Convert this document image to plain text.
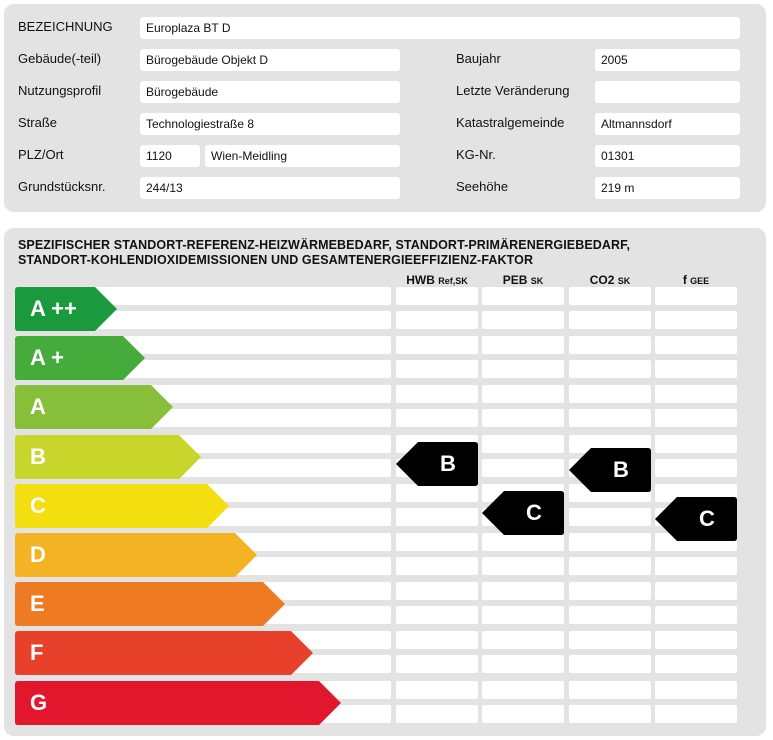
BEZEICHNUNG	Europlaza BT D
Gebäude(-teil)	Bürogebäude Objekt D	Baujahr	2005
Nutzungsprofil	Bürogebäude	Letzte Veränderung
Straße	Technologiestraße 8	Katastralgemeinde	Altmannsdorf
PLZ/Ort	1120	Wien-Meidling	KG-Nr.	01301
Grundstücksnr.	244/13	Seehöhe	219 m
SPEZIFISCHER STANDORT-REFERENZ-HEIZWÄRMEBEDARF, STANDORT-PRIMÄRENERGIEBEDARF,
STANDORT-KOHLENDIOXIDEMISSIONEN UND GESAMTENERGIEEFFIZIENZ-FAKTOR
HWB Ref,SK	PEB SK	CO2 SK	f GEE
A ++
A +
A
B
C
D
E
F
G
B
C
B
C
